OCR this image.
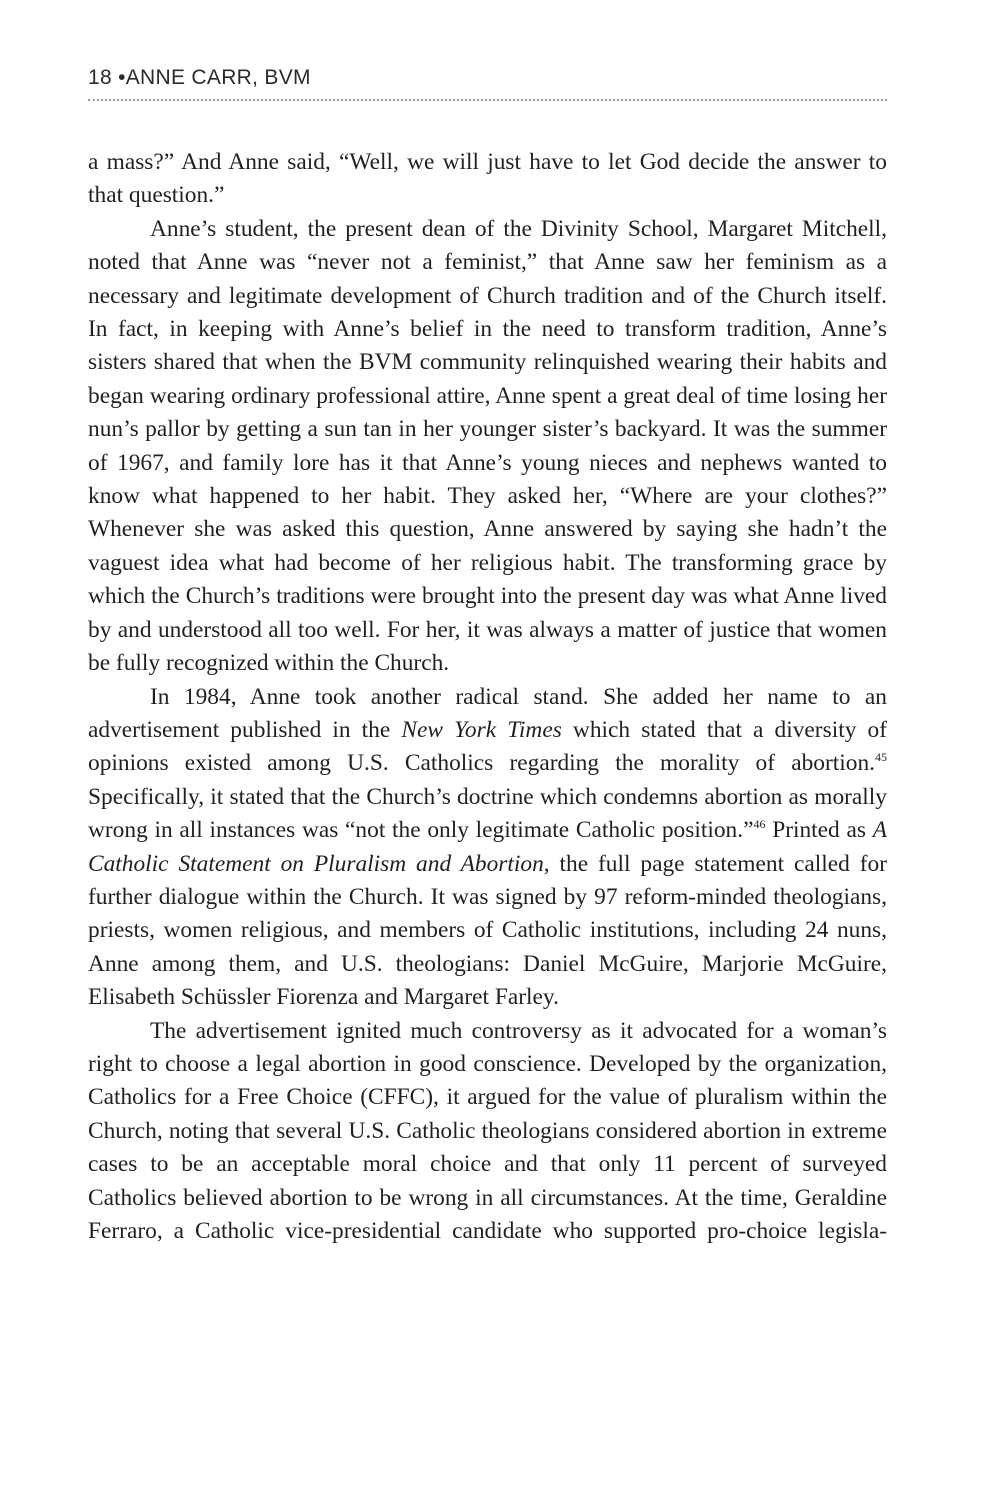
18 •ANNE CARR, BVM

a mass?” And Anne said, “Well, we will just have to let God decide the answer to that question.”

Anne’s student, the present dean of the Divinity School, Margaret Mitchell, noted that Anne was “never not a feminist,” that Anne saw her feminism as a necessary and legitimate development of Church tradition and of the Church itself. In fact, in keeping with Anne’s belief in the need to transform tradition, Anne’s sisters shared that when the BVM community relinquished wearing their habits and began wearing ordinary professional attire, Anne spent a great deal of time losing her nun’s pallor by getting a sun tan in her younger sister’s backyard. It was the summer of 1967, and family lore has it that Anne’s young nieces and nephews wanted to know what happened to her habit. They asked her, “Where are your clothes?” Whenever she was asked this question, Anne answered by saying she hadn’t the vaguest idea what had become of her religious habit. The transforming grace by which the Church’s traditions were brought into the present day was what Anne lived by and understood all too well. For her, it was always a matter of justice that women be fully recognized within the Church.

In 1984, Anne took another radical stand. She added her name to an advertisement published in the New York Times which stated that a diversity of opinions existed among U.S. Catholics regarding the morality of abortion.$^{45}$ Specifically, it stated that the Church’s doctrine which condemns abortion as morally wrong in all instances was “not the only legitimate Catholic position.”$^{46}$ Printed as A Catholic Statement on Pluralism and Abortion, the full page statement called for further dialogue within the Church. It was signed by 97 reform-minded theologians, priests, women religious, and members of Catholic institutions, including 24 nuns, Anne among them, and U.S. theologians: Daniel McGuire, Marjorie McGuire, Elisabeth Schüssler Fiorenza and Margaret Farley.

The advertisement ignited much controversy as it advocated for a woman’s right to choose a legal abortion in good conscience. Developed by the organization, Catholics for a Free Choice (CFFC), it argued for the value of pluralism within the Church, noting that several U.S. Catholic theologians considered abortion in extreme cases to be an acceptable moral choice and that only 11 percent of surveyed Catholics believed abortion to be wrong in all circumstances. At the time, Geraldine Ferraro, a Catholic vice-presidential candidate who supported pro-choice legisla-
